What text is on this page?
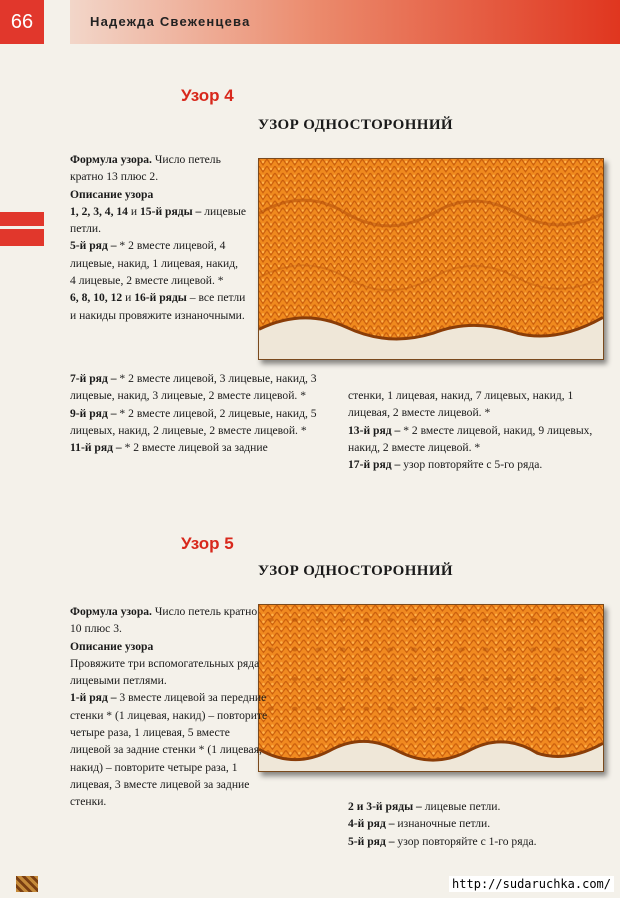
66	Надежда Свеженцева
Узор 4
УЗОР ОДНОСТОРОННИЙ

Формула узора. Число петель кратно 13 плюс 2.

Описание узора

1, 2, 3, 4, 14 и 15-й ряды – лицевые петли.

5-й ряд – * 2 вместе лицевой, 4 лицевые, накид, 1 лицевая, накид, 4 лицевые, 2 вместе лицевой. *

6, 8, 10, 12 и 16-й ряды – все петли и накиды провяжите изнаночными.

7-й ряд – * 2 вместе лицевой, 3 лицевые, накид, 3 лицевые, накид, 3 лицевые, 2 вместе лицевой. *

9-й ряд – * 2 вместе лицевой, 2 лицевые, накид, 5 лицевых, накид, 2 лицевые, 2 вместе лицевой. *

11-й ряд – * 2 вместе лицевой за задние

стенки, 1 лицевая, накид, 7 лицевых, накид, 1 лицевая, 2 вместе лицевой. *

13-й ряд – * 2 вместе лицевой, накид, 9 лицевых, накид, 2 вместе лицевой. *

17-й ряд – узор повторяйте с 5-го ряда.

Узор 5
УЗОР ОДНОСТОРОННИЙ

Формула узора. Число петель кратно 10 плюс 3.

Описание узора

Провяжите три вспомогательных ряда лицевыми петлями.

1-й ряд – 3 вместе лицевой за передние стенки * (1 лицевая, накид) – повторите четыре раза, 1 лицевая, 5 вместе лицевой за задние стенки * (1 лицевая, накид) – повторите четыре раза, 1 лицевая, 3 вместе лицевой за задние стенки.	2 и 3-й ряды – лицевые петли.

4-й ряд – изнаночные петли.

5-й ряд – узор повторяйте с 1-го ряда.

http://sudaruchka.com/
